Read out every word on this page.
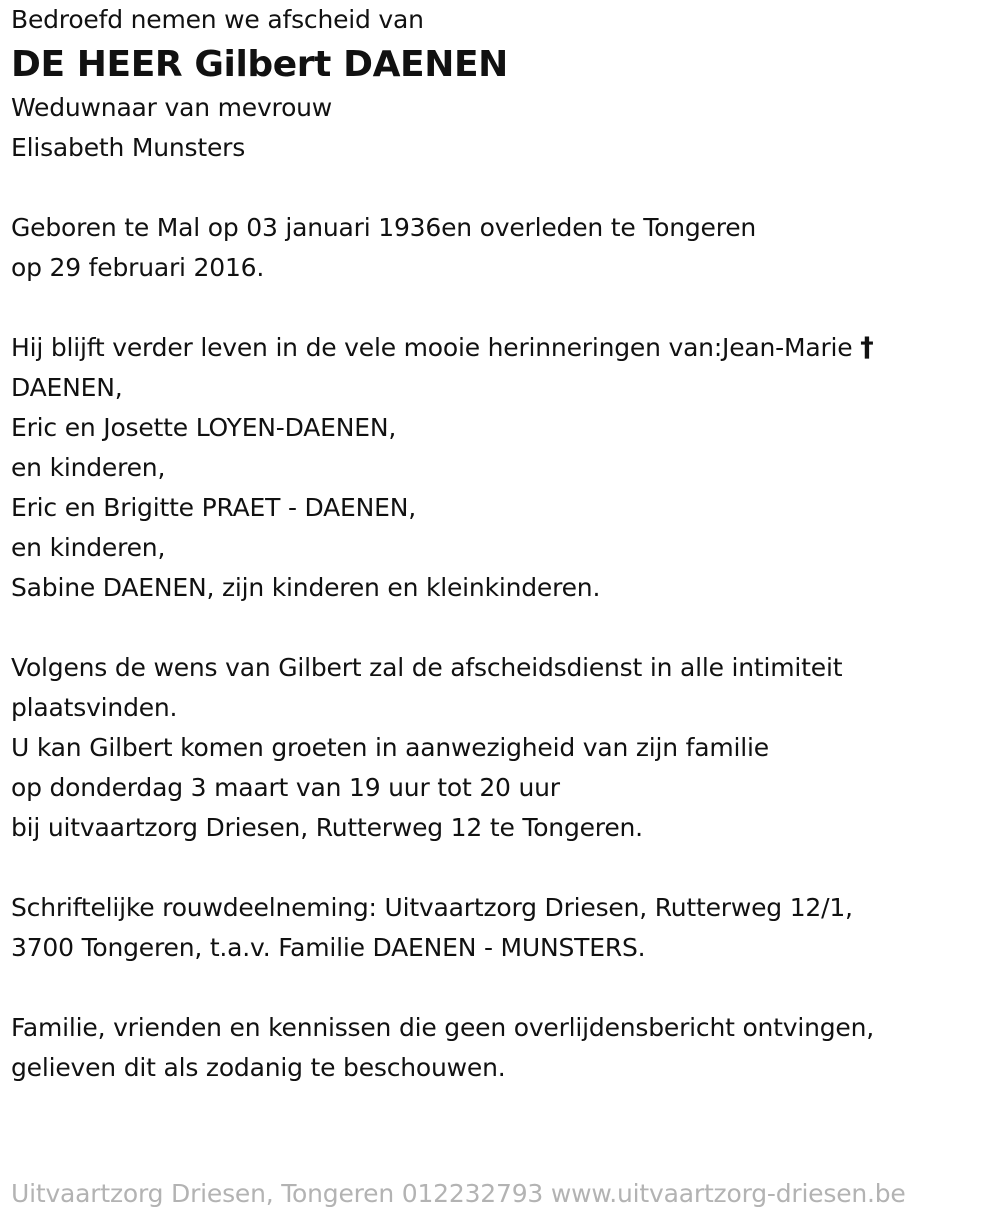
Bedroefd nemen we afscheid van
DE HEER Gilbert DAENEN
Weduwnaar van mevrouw
Elisabeth Munsters
Geboren te Mal op 03 januari 1936en overleden te Tongeren
op 29 februari 2016.
Hij blijft verder leven in de vele mooie herinneringen van:Jean-Marie †
DAENEN,
Eric en Josette LOYEN-DAENEN,
en kinderen,
Eric en Brigitte PRAET - DAENEN,
en kinderen,
Sabine DAENEN, zijn kinderen en kleinkinderen.
Volgens de wens van Gilbert zal de afscheidsdienst in alle intimiteit
plaatsvinden.
U kan Gilbert komen groeten in aanwezigheid van zijn familie
op donderdag 3 maart van 19 uur tot 20 uur
bij uitvaartzorg Driesen, Rutterweg 12 te Tongeren.
Schriftelijke rouwdeelneming: Uitvaartzorg Driesen, Rutterweg 12/1,
3700 Tongeren, t.a.v. Familie DAENEN - MUNSTERS.
Familie, vrienden en kennissen die geen overlijdensbericht ontvingen,
gelieven dit als zodanig te beschouwen.
Uitvaartzorg Driesen, Tongeren 012232793 www.uitvaartzorg-driesen.be
